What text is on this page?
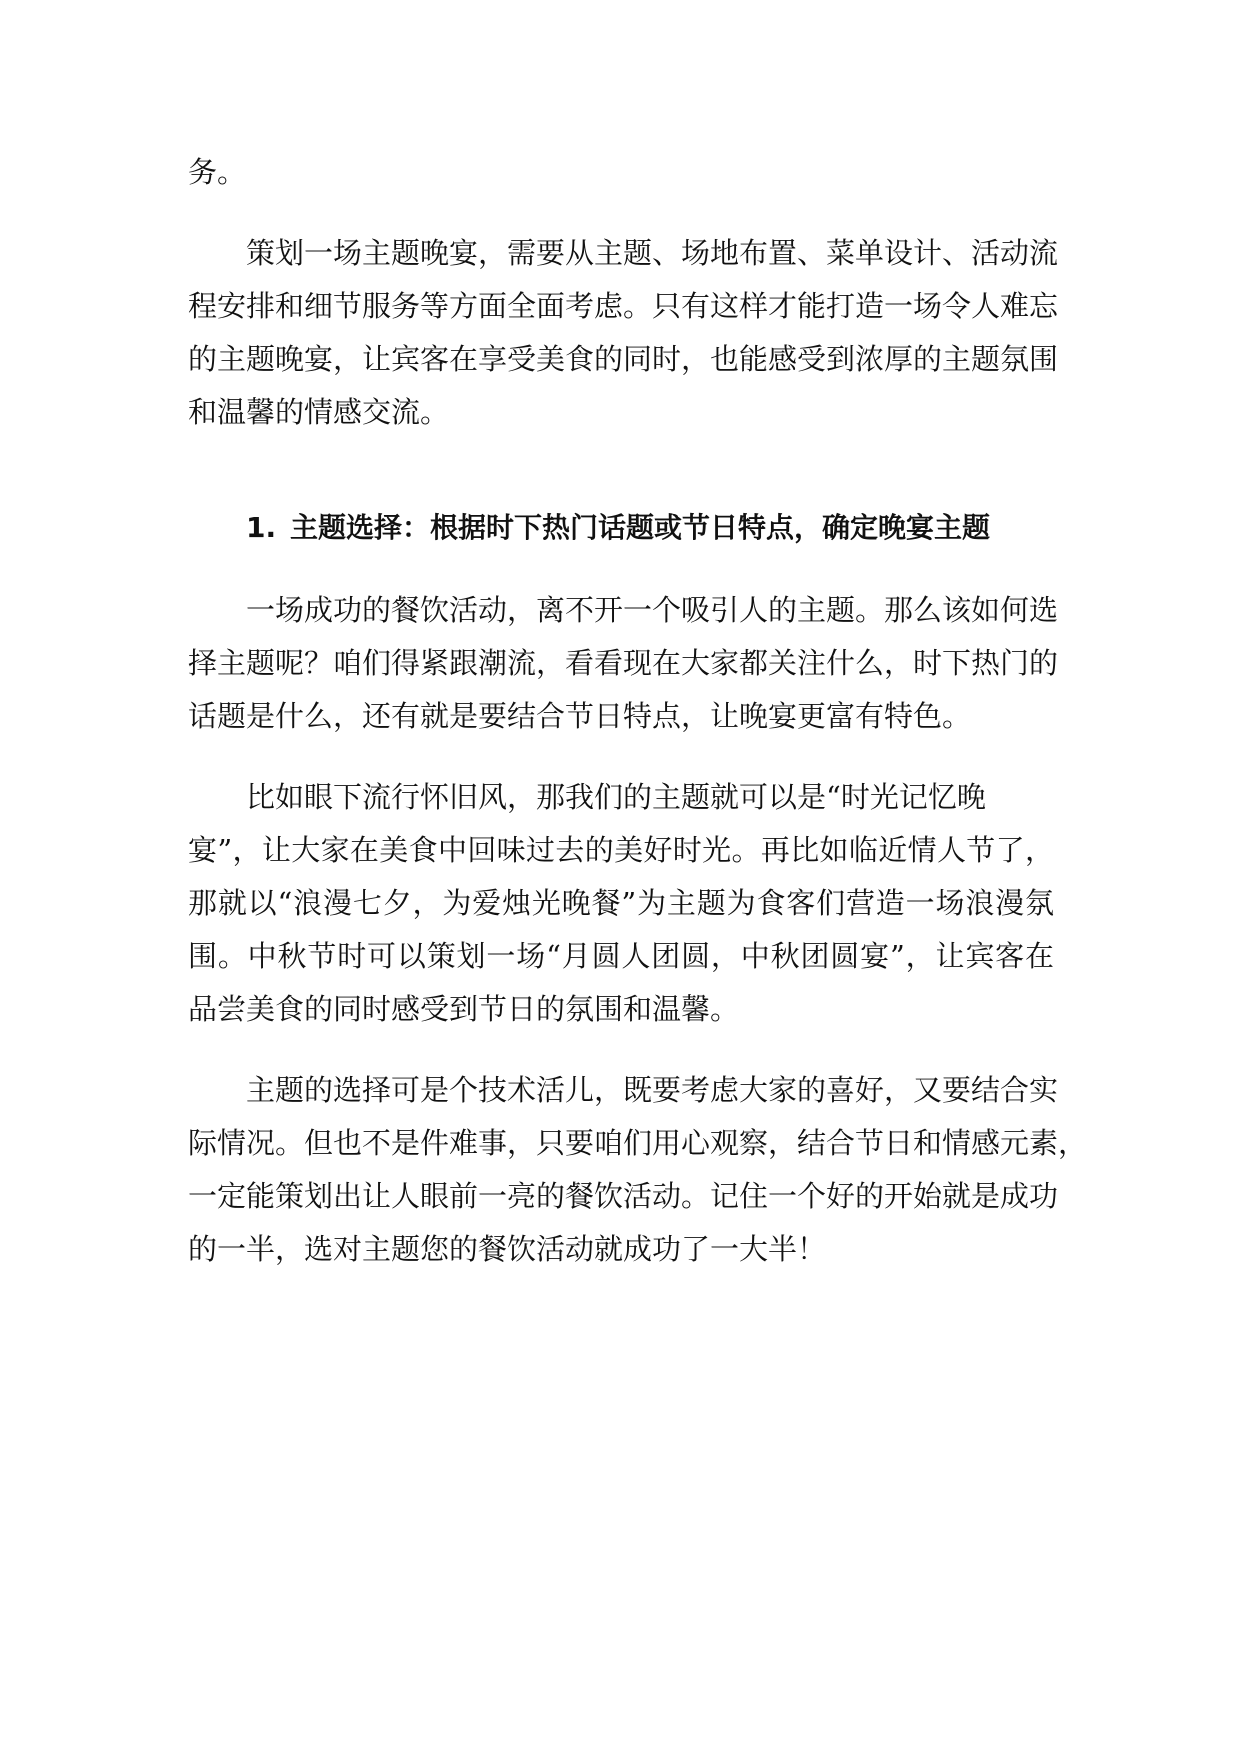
务。

策划一场主题晚宴，需要从主题、场地布置、菜单设计、活动流

程安排和细节服务等方面全面考虑。只有这样才能打造一场令人难忘

的主题晚宴，让宾客在享受美食的同时，也能感受到浓厚的主题氛围

和温馨的情感交流。

1. 主题选择：根据时下热门话题或节日特点，确定晚宴主题

一场成功的餐饮活动，离不开一个吸引人的主题。那么该如何选

择主题呢？咱们得紧跟潮流，看看现在大家都关注什么，时下热门的

话题是什么，还有就是要结合节日特点，让晚宴更富有特色。

比如眼下流行怀旧风，那我们的主题就可以是“时光记忆晚

宴”，让大家在美食中回味过去的美好时光。再比如临近情人节了，

那就以“浪漫七夕，为爱烛光晚餐”为主题为食客们营造一场浪漫氛

围。中秋节时可以策划一场“月圆人团圆，中秋团圆宴”，让宾客在

品尝美食的同时感受到节日的氛围和温馨。

主题的选择可是个技术活儿，既要考虑大家的喜好，又要结合实

际情况。但也不是件难事，只要咱们用心观察，结合节日和情感元素，

一定能策划出让人眼前一亮的餐饮活动。记住一个好的开始就是成功

的一半，选对主题您的餐饮活动就成功了一大半！
